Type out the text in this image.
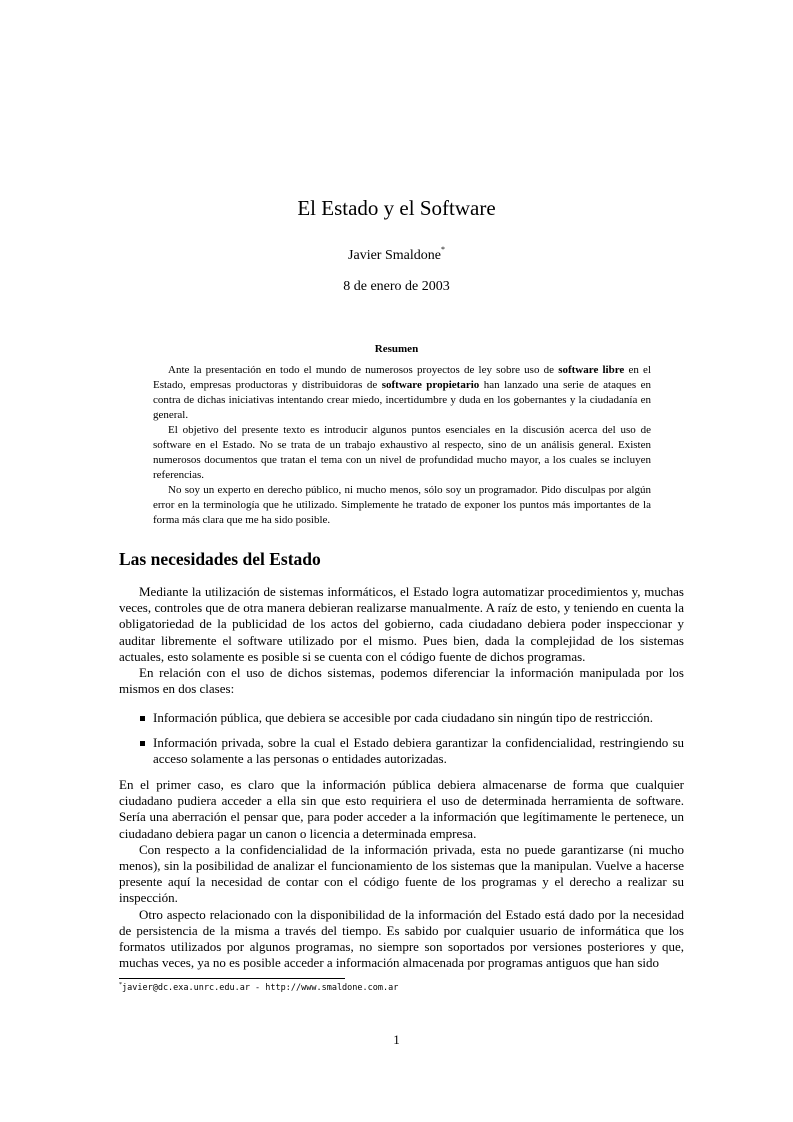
El Estado y el Software
Javier Smaldone*
8 de enero de 2003
Resumen

Ante la presentación en todo el mundo de numerosos proyectos de ley sobre uso de software libre en el Estado, empresas productoras y distribuidoras de software propietario han lanzado una serie de ataques en contra de dichas iniciativas intentando crear miedo, incertidumbre y duda en los gobernantes y la ciudadanía en general.

El objetivo del presente texto es introducir algunos puntos esenciales en la discusión acerca del uso de software en el Estado. No se trata de un trabajo exhaustivo al respecto, sino de un análisis general. Existen numerosos documentos que tratan el tema con un nivel de profundidad mucho mayor, a los cuales se incluyen referencias.

No soy un experto en derecho público, ni mucho menos, sólo soy un programador. Pido disculpas por algún error en la terminología que he utilizado. Simplemente he tratado de exponer los puntos más importantes de la forma más clara que me ha sido posible.

Las necesidades del Estado

Mediante la utilización de sistemas informáticos, el Estado logra automatizar procedimientos y, muchas veces, controles que de otra manera debieran realizarse manualmente. A raíz de esto, y teniendo en cuenta la obligatoriedad de la publicidad de los actos del gobierno, cada ciudadano debiera poder inspeccionar y auditar libremente el software utilizado por el mismo. Pues bien, dada la complejidad de los sistemas actuales, esto solamente es posible si se cuenta con el código fuente de dichos programas.

En relación con el uso de dichos sistemas, podemos diferenciar la información manipulada por los mismos en dos clases:

Información pública, que debiera se accesible por cada ciudadano sin ningún tipo de restricción.
Información privada, sobre la cual el Estado debiera garantizar la confidencialidad, restringiendo su acceso solamente a las personas o entidades autorizadas.

En el primer caso, es claro que la información pública debiera almacenarse de forma que cualquier ciudadano pudiera acceder a ella sin que esto requiriera el uso de determinada herramienta de software. Sería una aberración el pensar que, para poder acceder a la información que legítimamente le pertenece, un ciudadano debiera pagar un canon o licencia a determinada empresa.

Con respecto a la confidencialidad de la información privada, esta no puede garantizarse (ni mucho menos), sin la posibilidad de analizar el funcionamiento de los sistemas que la manipulan. Vuelve a hacerse presente aquí la necesidad de contar con el código fuente de los programas y el derecho a realizar su inspección.

Otro aspecto relacionado con la disponibilidad de la información del Estado está dado por la necesidad de persistencia de la misma a través del tiempo. Es sabido por cualquier usuario de informática que los formatos utilizados por algunos programas, no siempre son soportados por versiones posteriores y que, muchas veces, ya no es posible acceder a información almacenada por programas antiguos que han sido

*javier@dc.exa.unrc.edu.ar - http://www.smaldone.com.ar
1
